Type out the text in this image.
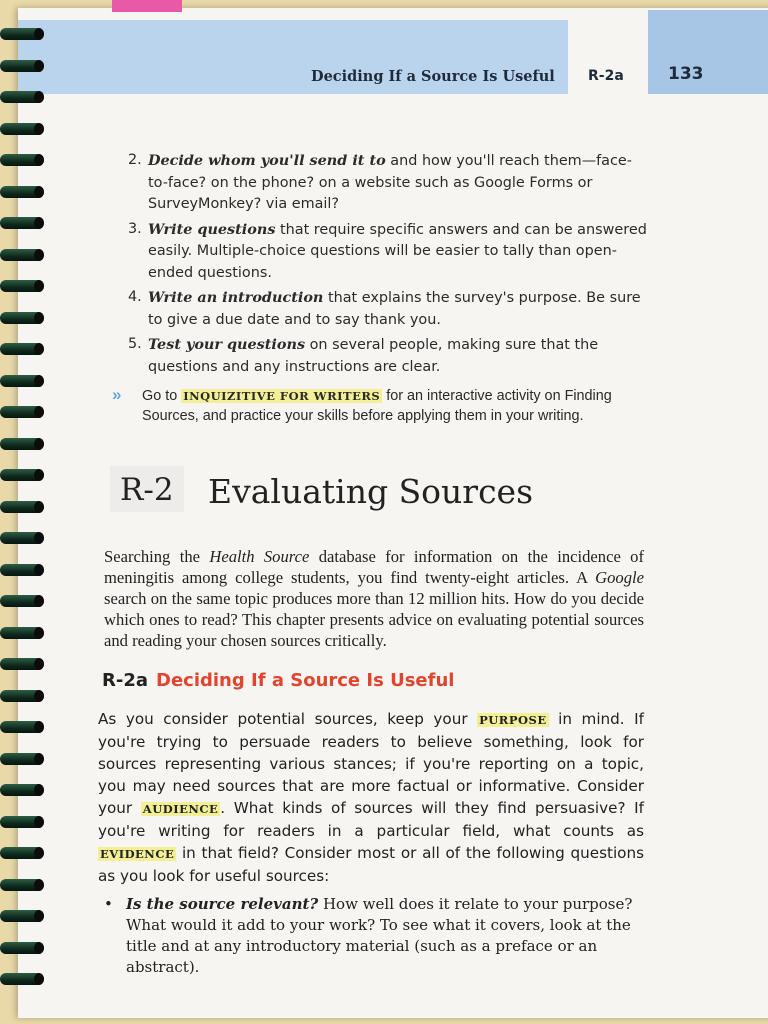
Deciding If a Source Is Useful R-2a	133
2. Decide whom you'll send it to and how you'll reach them—face-to-face? on the phone? on a website such as Google Forms or SurveyMonkey? via email?
3. Write questions that require specific answers and can be answered easily. Multiple-choice questions will be easier to tally than open-ended questions.
4. Write an introduction that explains the survey's purpose. Be sure to give a due date and to say thank you.
5. Test your questions on several people, making sure that the questions and any instructions are clear.
» Go to INQUIZITIVE FOR WRITERS for an interactive activity on Finding Sources, and practice your skills before applying them in your writing.
R-2 Evaluating Sources
Searching the Health Source database for information on the incidence of meningitis among college students, you find twenty-eight articles. A Google search on the same topic produces more than 12 million hits. How do you decide which ones to read? This chapter presents advice on evaluating potential sources and reading your chosen sources critically.
R-2a Deciding If a Source Is Useful
As you consider potential sources, keep your PURPOSE in mind. If you're trying to persuade readers to believe something, look for sources representing various stances; if you're reporting on a topic, you may need sources that are more factual or informative. Consider your AUDIENCE . What kinds of sources will they find persuasive? If you're writing for readers in a particular field, what counts as EVIDENCE in that field? Consider most or all of the following questions as you look for useful sources:
• Is the source relevant? How well does it relate to your purpose? What would it add to your work? To see what it covers, look at the title and at any introductory material (such as a preface or an abstract).
